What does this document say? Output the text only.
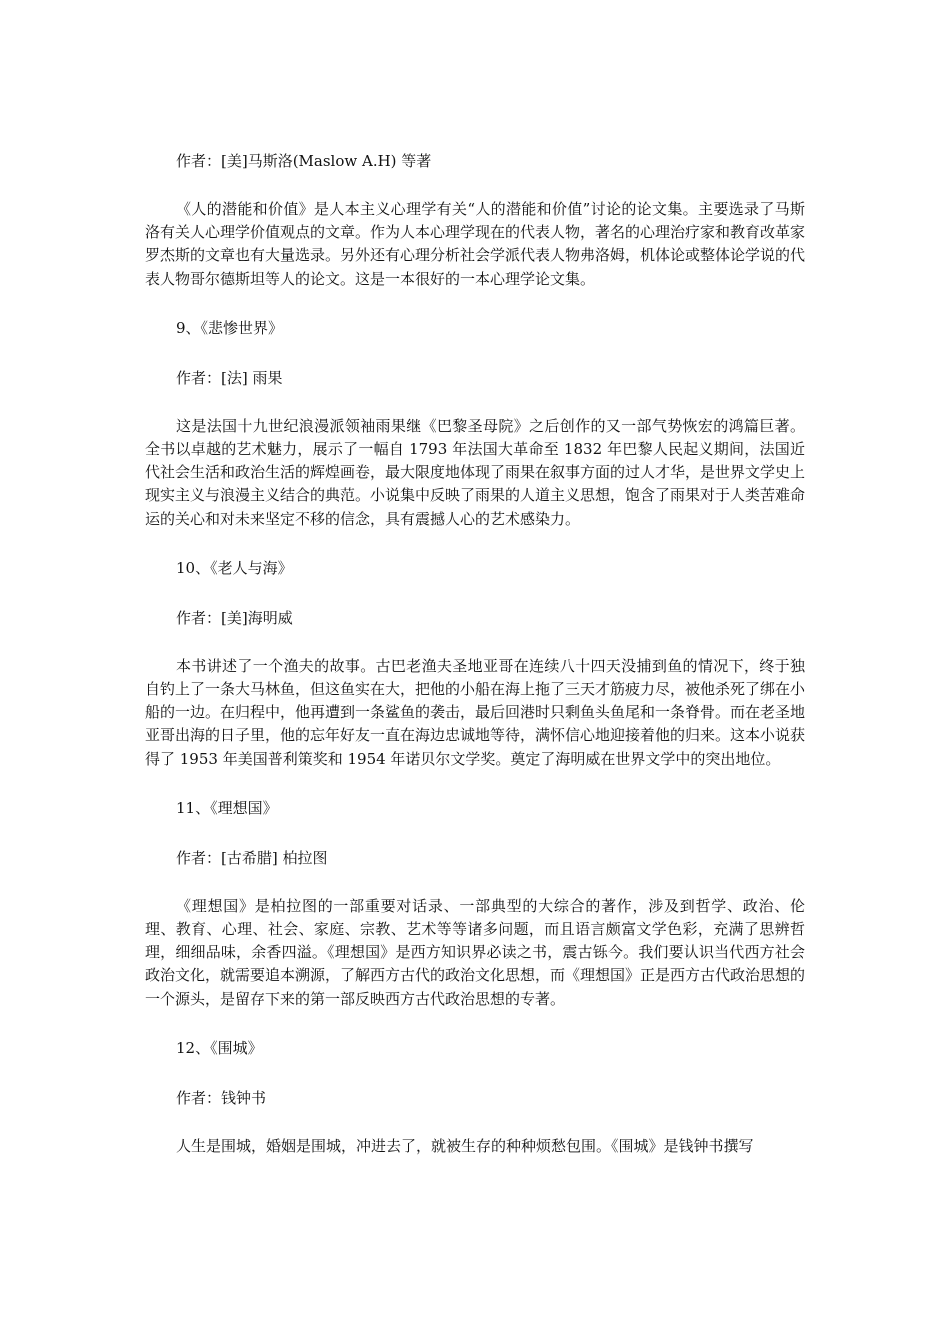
作者：[美]马斯洛(Maslow A.H) 等著

《人的潜能和价值》是人本主义心理学有关“人的潜能和价值”讨论的论文集。主要选录了马斯洛有关人心理学价值观点的文章。作为人本心理学现在的代表人物，著名的心理治疗家和教育改革家罗杰斯的文章也有大量选录。另外还有心理分析社会学派代表人物弗洛姆，机体论或整体论学说的代表人物哥尔德斯坦等人的论文。这是一本很好的一本心理学论文集。

9、《悲惨世界》

作者：[法] 雨果

这是法国十九世纪浪漫派领袖雨果继《巴黎圣母院》之后创作的又一部气势恢宏的鸿篇巨著。全书以卓越的艺术魅力，展示了一幅自 1793 年法国大革命至 1832 年巴黎人民起义期间，法国近代社会生活和政治生活的辉煌画卷，最大限度地体现了雨果在叙事方面的过人才华，是世界文学史上现实主义与浪漫主义结合的典范。小说集中反映了雨果的人道主义思想，饱含了雨果对于人类苦难命运的关心和对未来坚定不移的信念，具有震撼人心的艺术感染力。

10、《老人与海》

作者：[美]海明威

本书讲述了一个渔夫的故事。古巴老渔夫圣地亚哥在连续八十四天没捕到鱼的情况下，终于独自钓上了一条大马林鱼，但这鱼实在大，把他的小船在海上拖了三天才筋疲力尽，被他杀死了绑在小船的一边。在归程中，他再遭到一条鲨鱼的袭击，最后回港时只剩鱼头鱼尾和一条脊骨。而在老圣地亚哥出海的日子里，他的忘年好友一直在海边忠诚地等待，满怀信心地迎接着他的归来。这本小说获得了 1953 年美国普利策奖和 1954 年诺贝尔文学奖。奠定了海明威在世界文学中的突出地位。

11、《理想国》

作者：[古希腊] 柏拉图

《理想国》是柏拉图的一部重要对话录、一部典型的大综合的著作，涉及到哲学、政治、伦理、教育、心理、社会、家庭、宗教、艺术等等诸多问题，而且语言颇富文学色彩，充满了思辨哲理，细细品味，余香四溢。《理想国》是西方知识界必读之书，震古铄今。我们要认识当代西方社会政治文化，就需要追本溯源，了解西方古代的政治文化思想，而《理想国》正是西方古代政治思想的一个源头，是留存下来的第一部反映西方古代政治思想的专著。

12、《围城》

作者：钱钟书

人生是围城，婚姻是围城，冲进去了，就被生存的种种烦愁包围。《围城》是钱钟书撰写
